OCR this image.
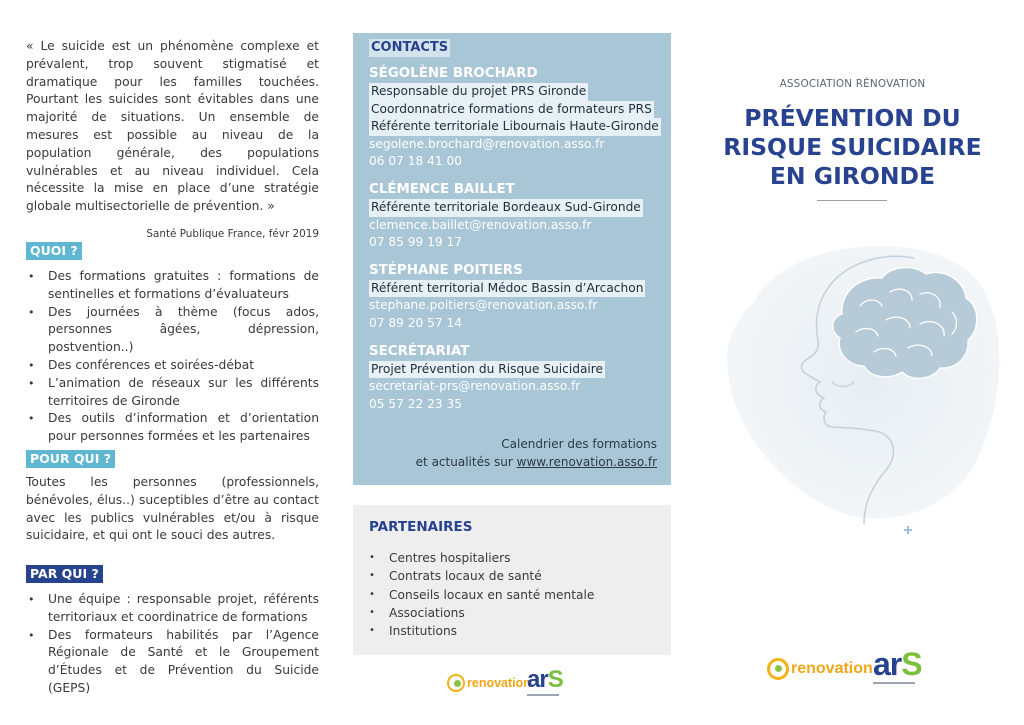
« Le suicide est un phénomène complexe et prévalent, trop souvent stigmatisé et dramatique pour les familles touchées. Pourtant les suicides sont évitables dans une majorité de situations. Un ensemble de mesures est possible au niveau de la population générale, des populations vulnérables et au niveau individuel. Cela nécessite la mise en place d’une stratégie globale multisectorielle de prévention. »

Santé Publique France, févr 2019

QUOI ?
• Des formations gratuites : formations de sentinelles et formations d’évaluateurs
• Des journées à thème (focus ados, personnes âgées, dépression, postvention..)
• Des conférences et soirées-débat
• L’animation de réseaux sur les différents territoires de Gironde
• Des outils d’information et d’orientation pour personnes formées et les partenaires
POUR QUI ?

Toutes les personnes (professionnels, bénévoles, élus..) suceptibles d’être au contact avec les publics vulnérables et/ou à risque suicidaire, et qui ont le souci des autres.

PAR QUI ?
• Une équipe : responsable projet, référents territoriaux et coordinatrice de formations
• Des formateurs habilités par l’Agence Régionale de Santé et le Groupement d’Études et de Prévention du Suicide (GEPS)
CONTACTS
SÉGOLÈNE BROCHARD
Responsable du projet PRS Gironde
Coordonnatrice formations de formateurs PRS
Référente territoriale Libournais Haute-Gironde
segolene.brochard@renovation.asso.fr
06 07 18 41 00
CLÉMENCE BAILLET
Référente territoriale Bordeaux Sud-Gironde
clemence.baillet@renovation.asso.fr
07 85 99 19 17
STÉPHANE POITIERS
Référent territorial Médoc Bassin d’Arcachon
stephane.poitiers@renovation.asso.fr
07 89 20 57 14
SECRÉTARIAT
Projet Prévention du Risque Suicidaire
secretariat-prs@renovation.asso.fr
05 57 22 23 35
Calendrier des formations
et actualités sur www.renovation.asso.fr
PARTENAIRES
• Centres hospitaliers
• Contrats locaux de santé
• Conseils locaux en santé mentale
• Associations
• Institutions
renovation
arS
ASSOCIATION RÉNOVATION
PRÉVENTION DU
RISQUE SUICIDAIRE
EN GIRONDE
renovation arS
